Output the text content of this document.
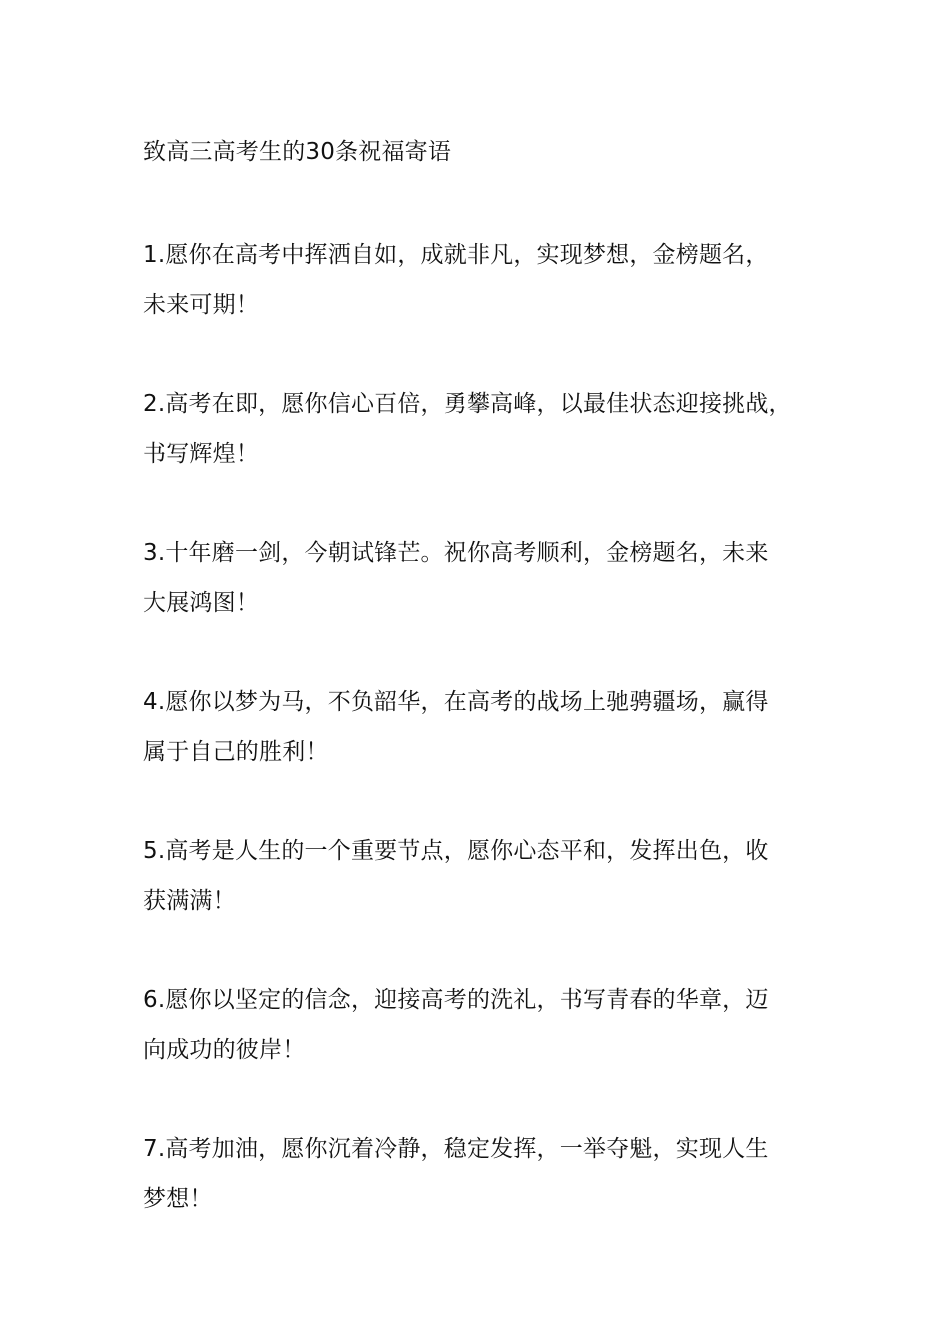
致高三高考生的30条祝福寄语
1.愿你在高考中挥洒自如，成就非凡，实现梦想，金榜题名，
未来可期！
2.高考在即，愿你信心百倍，勇攀高峰，以最佳状态迎接挑战，
书写辉煌！
3.十年磨一剑，今朝试锋芒。祝你高考顺利，金榜题名，未来
大展鸿图！
4.愿你以梦为马，不负韶华，在高考的战场上驰骋疆场，赢得
属于自己的胜利！
5.高考是人生的一个重要节点，愿你心态平和，发挥出色，收
获满满！
6.愿你以坚定的信念，迎接高考的洗礼，书写青春的华章，迈
向成功的彼岸！
7.高考加油，愿你沉着冷静，稳定发挥，一举夺魁，实现人生
梦想！
